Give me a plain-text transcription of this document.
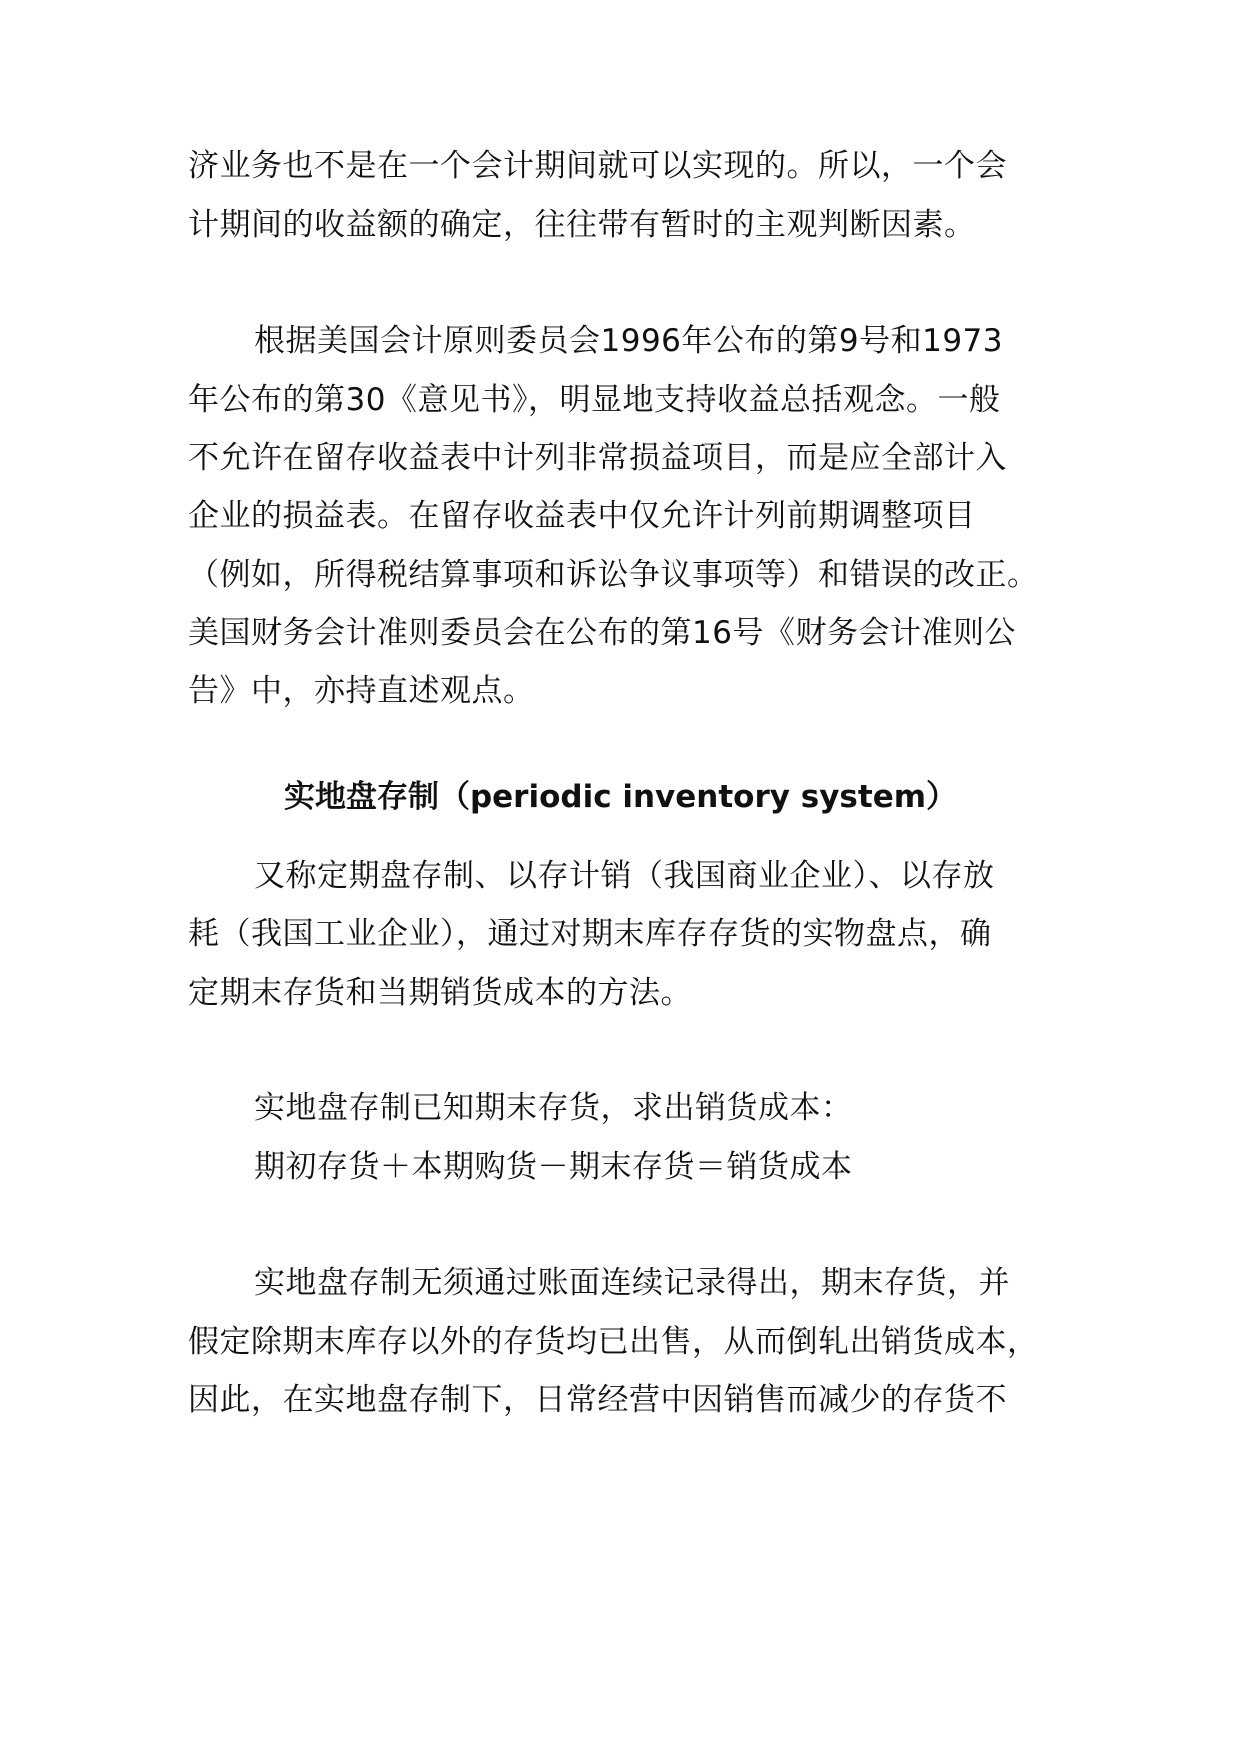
济业务也不是在一个会计期间就可以实现的。所以，一个会
计期间的收益额的确定，往往带有暂时的主观判断因素。
根据美国会计原则委员会1996年公布的第9号和1973
年公布的第30《意见书》，明显地支持收益总括观念。一般
不允许在留存收益表中计列非常损益项目，而是应全部计入
企业的损益表。在留存收益表中仅允许计列前期调整项目
（例如，所得税结算事项和诉讼争议事项等）和错误的改正。
美国财务会计准则委员会在公布的第16号《财务会计准则公
告》中，亦持直述观点。
实地盘存制（periodic inventory system）
又称定期盘存制、以存计销（我国商业企业）、以存放
耗（我国工业企业），通过对期末库存存货的实物盘点，确
定期末存货和当期销货成本的方法。
实地盘存制已知期末存货，求出销货成本：
期初存货＋本期购货－期末存货＝销货成本
实地盘存制无须通过账面连续记录得出，期末存货，并
假定除期末库存以外的存货均已出售，从而倒轧出销货成本，
因此，在实地盘存制下，日常经营中因销售而减少的存货不
